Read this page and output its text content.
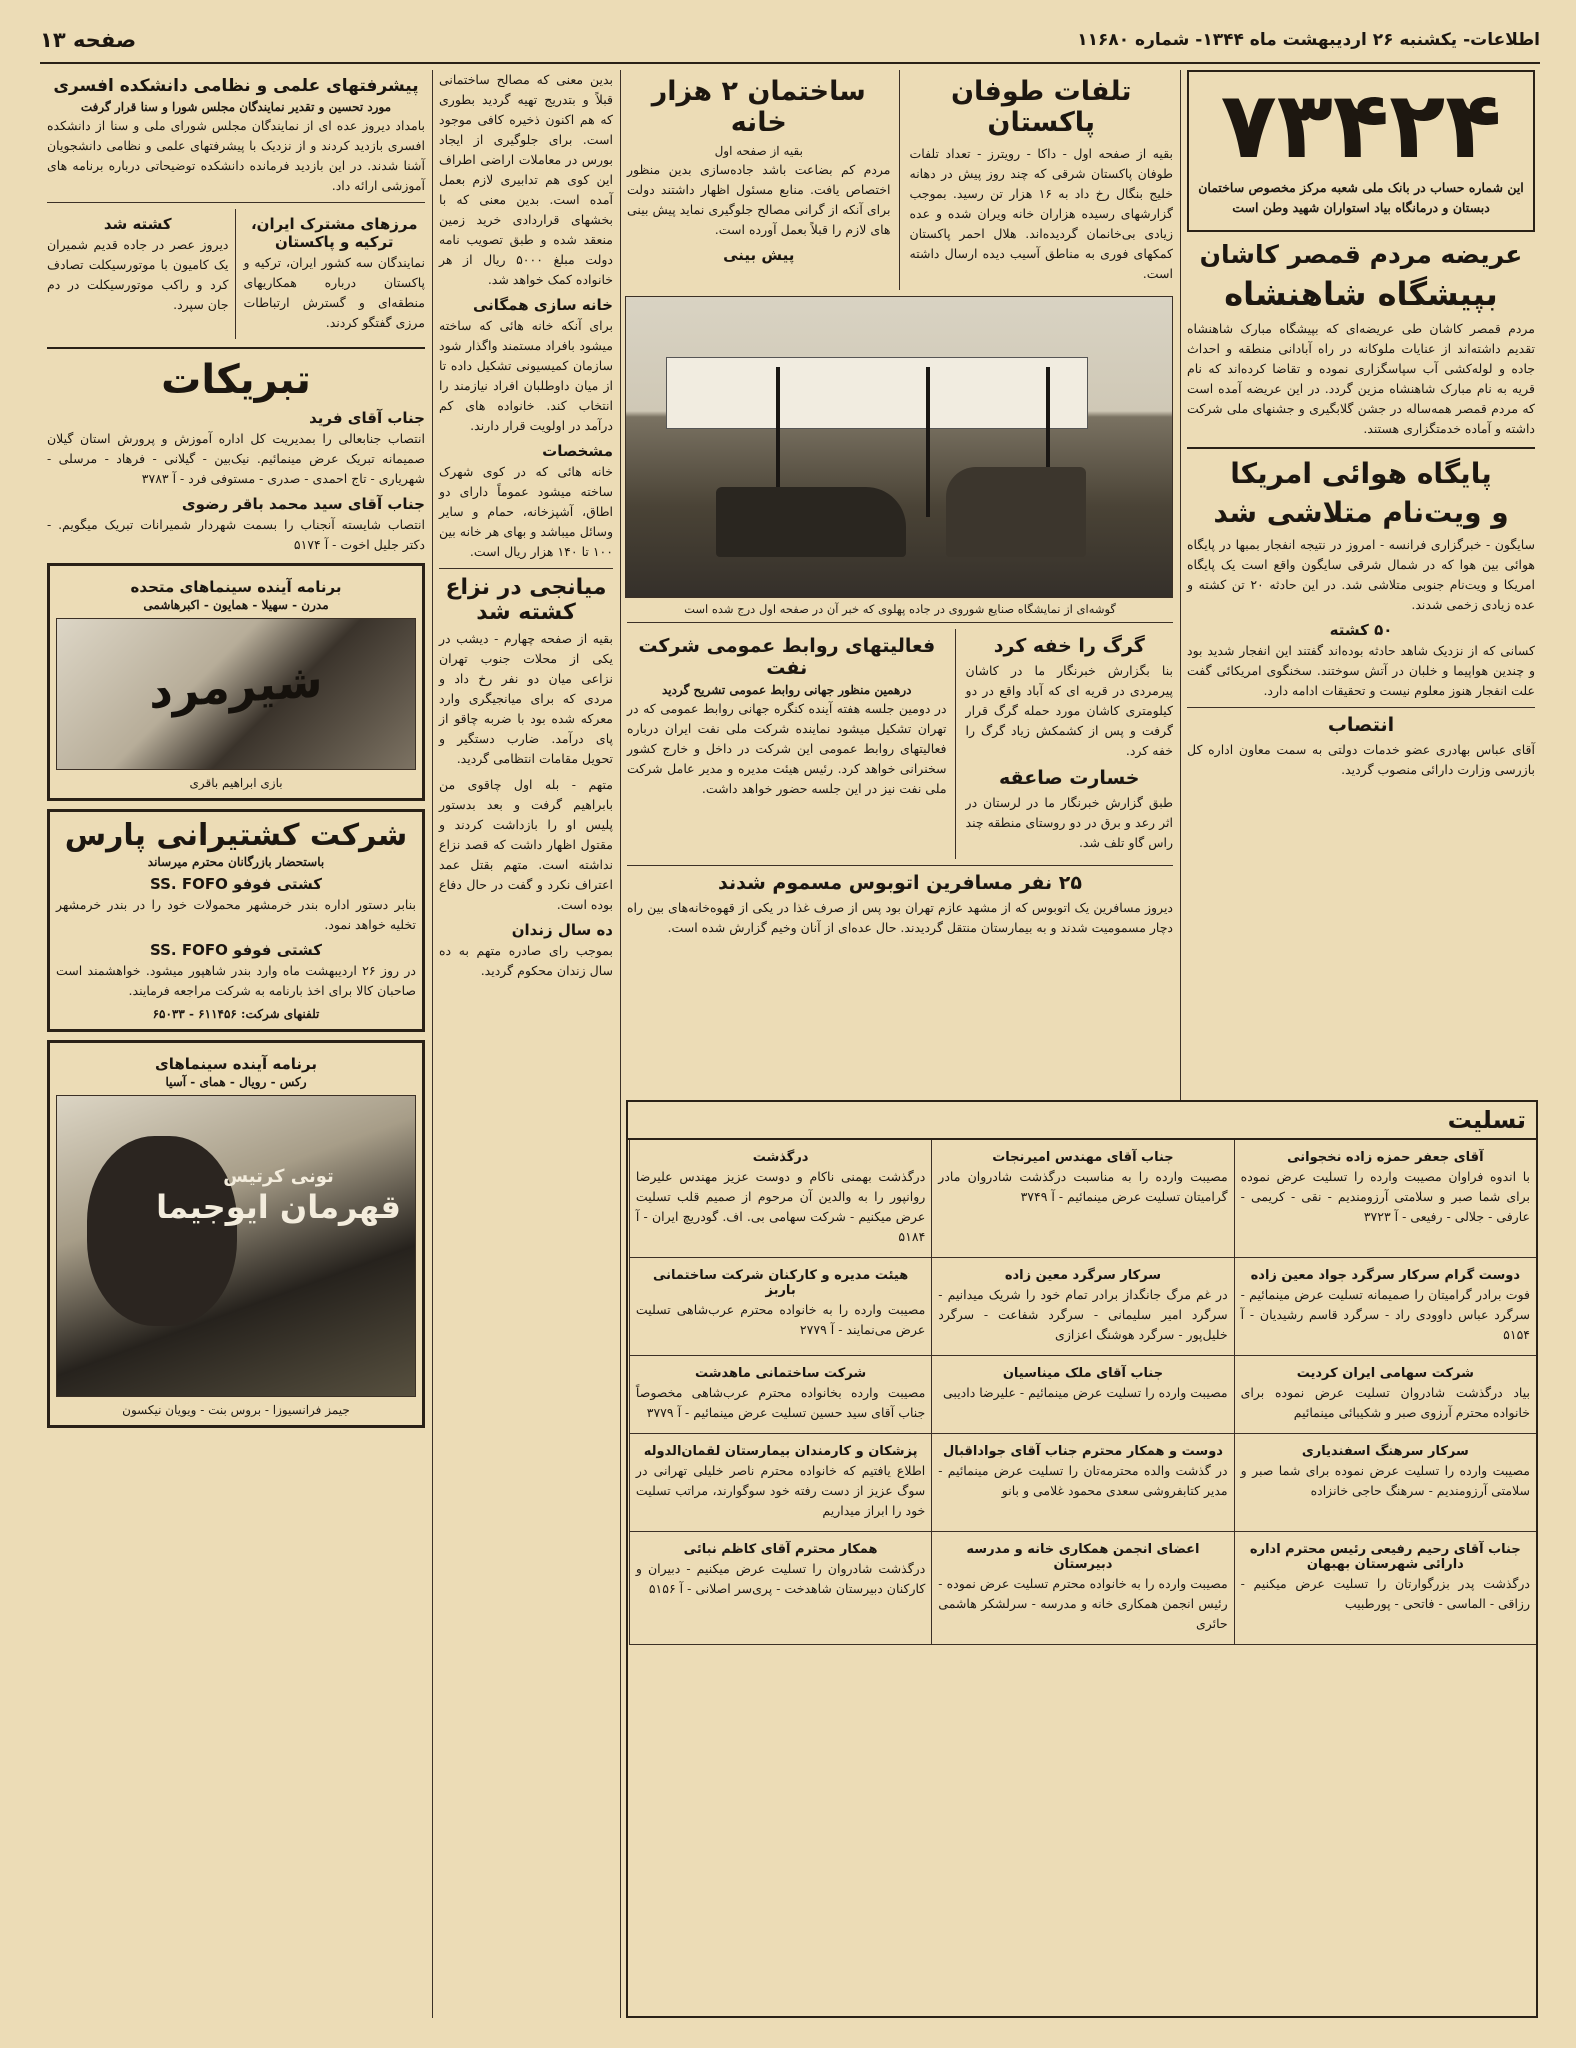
اطلاعات- یکشنبه ۲۶ اردیبهشت ماه ۱۳۴۴- شماره ۱۱۶۸۰
صفحه ۱۳
۷۳۴۲۴
این شماره حساب در بانک ملی شعبه مرکز مخصوص ساختمان دبستان و درمانگاه بیاد استواران شهید وطن است
عریضه مردم قمصر کاشان
بپیشگاه شاهنشاه

مردم قمصر کاشان طی عریضه‌ای که بپیشگاه مبارک شاهنشاه تقدیم داشته‌اند از عنایات ملوکانه در راه آبادانی منطقه و احداث جاده و لوله‌کشی آب سپاسگزاری نموده و تقاضا کرده‌اند که نام قریه به نام مبارک شاهنشاه مزین گردد. در این عریضه آمده است که مردم قمصر همه‌ساله در جشن گلابگیری و جشنهای ملی شرکت داشته و آماده خدمتگزاری هستند.

پایگاه هوائی امریکا
و ویت‌نام متلاشی شد

سایگون - خبرگزاری فرانسه - امروز در نتیجه انفجار بمبها در پایگاه هوائی بین هوا که در شمال شرقی سایگون واقع است یک پایگاه امریکا و ویت‌نام جنوبی متلاشی شد. در این حادثه ۲۰ تن کشته و عده زیادی زخمی شدند.

۵۰ کشته

کسانی که از نزدیک شاهد حادثه بوده‌اند گفتند این انفجار شدید بود و چندین هواپیما و خلبان در آتش سوختند. سخنگوی امریکائی گفت علت انفجار هنوز معلوم نیست و تحقیقات ادامه دارد.

انتصاب

آقای عباس بهادری عضو خدمات دولتی به سمت معاون اداره کل بازرسی وزارت دارائی منصوب گردید.

تلفات طوفان پاکستان

بقیه از صفحه اول - داکا - رویترز - تعداد تلفات طوفان پاکستان شرقی که چند روز پیش در دهانه خلیج بنگال رخ داد به ۱۶ هزار تن رسید. بموجب گزارشهای رسیده هزاران خانه ویران شده و عده زیادی بی‌خانمان گردیده‌اند. هلال احمر پاکستان کمکهای فوری به مناطق آسیب دیده ارسال داشته است.

ساختمان ۲ هزار خانه
بقیه از صفحه اول

مردم کم بضاعت باشد جاده‌سازی بدین منظور اختصاص یافت. منابع مسئول اظهار داشتند دولت برای آنکه از گرانی مصالح جلوگیری نماید پیش بینی های لازم را قبلاً بعمل آورده است.

پیش بینی
گوشه‌ای از نمایشگاه صنایع شوروی در جاده پهلوی که خبر آن در صفحه اول درج شده است
گرگ را خفه کرد

بنا بگزارش خبرنگار ما در کاشان پیرمردی در قریه ای که آباد واقع در دو کیلومتری کاشان مورد حمله گرگ قرار گرفت و پس از کشمکش زیاد گرگ را خفه کرد.

خسارت صاعقه

طبق گزارش خبرنگار ما در لرستان در اثر رعد و برق در دو روستای منطقه چند راس گاو تلف شد.

فعالیتهای روابط عمومی شرکت نفت
درهمین منظور جهانی روابط عمومی تشریح گردید

در دومین جلسه هفته آینده کنگره جهانی روابط عمومی که در تهران تشکیل میشود نماینده شرکت ملی نفت ایران درباره فعالیتهای روابط عمومی این شرکت در داخل و خارج کشور سخنرانی خواهد کرد. رئیس هیئت مدیره و مدیر عامل شرکت ملی نفت نیز در این جلسه حضور خواهد داشت.

۲۵ نفر مسافرین اتوبوس مسموم شدند

دیروز مسافرین یک اتوبوس که از مشهد عازم تهران بود پس از صرف غذا در یکی از قهوه‌خانه‌های بین راه دچار مسمومیت شدند و به بیمارستان منتقل گردیدند. حال عده‌ای از آنان وخیم گزارش شده است.

بدین معنی که مصالح ساختمانی قبلاً و بتدریج تهیه گردید بطوری که هم اکنون ذخیره کافی موجود است. برای جلوگیری از ایجاد بورس در معاملات اراضی اطراف این کوی هم تدابیری لازم بعمل آمده است. بدین معنی که با بخشهای قراردادی خرید زمین منعقد شده و طبق تصویب نامه دولت مبلغ ۵۰۰۰ ریال از هر خانواده کمک خواهد شد.

خانه سازی همگانی

برای آنکه خانه هائی که ساخته میشود بافراد مستمند واگذار شود سازمان کمیسیونی تشکیل داده تا از میان داوطلبان افراد نیازمند را انتخاب کند. خانواده های کم درآمد در اولویت قرار دارند.

مشخصات

خانه هائی که در کوی شهرک ساخته میشود عموماً دارای دو اطاق، آشپزخانه، حمام و سایر وسائل میباشد و بهای هر خانه بین ۱۰۰ تا ۱۴۰ هزار ریال است.

میانجی در نزاع کشته شد

بقیه از صفحه چهارم - دیشب در یکی از محلات جنوب تهران نزاعی میان دو نفر رخ داد و مردی که برای میانجیگری وارد معرکه شده بود با ضربه چاقو از پای درآمد. ضارب دستگیر و تحویل مقامات انتظامی گردید.

متهم - بله اول چاقوی من بابراهیم گرفت و بعد بدستور پلیس او را بازداشت کردند و مقتول اظهار داشت که قصد نزاع نداشته است. متهم بقتل عمد اعتراف نکرد و گفت در حال دفاع بوده است.

ده سال زندان

بموجب رای صادره متهم به ده سال زندان محکوم گردید.

پیشرفتهای علمی و نظامی دانشکده افسری
مورد تحسین و تقدیر نمایندگان مجلس شورا و سنا قرار گرفت

بامداد دیروز عده ای از نمایندگان مجلس شورای ملی و سنا از دانشکده افسری بازدید کردند و از نزدیک با پیشرفتهای علمی و نظامی دانشجویان آشنا شدند. در این بازدید فرمانده دانشکده توضیحاتی درباره برنامه های آموزشی ارائه داد.

مرزهای مشترک ایران، ترکیه و پاکستان

نمایندگان سه کشور ایران، ترکیه و پاکستان درباره همکاریهای منطقه‌ای و گسترش ارتباطات مرزی گفتگو کردند.

کشته شد

دیروز عصر در جاده قدیم شمیران یک کامیون با موتورسیکلت تصادف کرد و راکب موتورسیکلت در دم جان سپرد.

تبریکات
جناب آقای فرید

انتصاب جنابعالی را بمدیریت کل اداره آموزش و پرورش استان گیلان صمیمانه تبریک عرض مینمائیم. نیک‌بین - گیلانی - فرهاد - مرسلی - شهریاری - تاج احمدی - صدری - مستوفی فرد - آ ۳۷۸۳

جناب آقای سید محمد باقر رضوی

انتصاب شایسته آنجناب را بسمت شهردار شمیرانات تبریک میگویم. - دکتر جلیل اخوت - آ ۵۱۷۴

برنامه آینده سینماهای متحده
مدرن - سهیلا - همایون - اکبرهاشمی
شیرمرد
بازی ابراهیم باقری
شرکت کشتیرانی پارس
باستحضار بازرگانان محترم میرساند
کشتی فوفو SS. FOFO

بنابر دستور اداره بندر خرمشهر محمولات خود را در بندر خرمشهر تخلیه خواهد نمود.

کشتی فوفو SS. FOFO

در روز ۲۶ اردیبهشت ماه وارد بندر شاهپور میشود. خواهشمند است صاحبان کالا برای اخذ بارنامه به شرکت مراجعه فرمایند.

تلفنهای شرکت: ۶۱۱۴۵۶ - ۶۵۰۳۳
برنامه آینده سینماهای
رکس - رویال - همای - آسیا
تونی کرتیس
قهرمان ایوجیما
جیمز فرانسیوزا - بروس بنت - ویویان نیکسون
تسلیت
آقای جعفر حمزه زاده نخجوانی

با اندوه فراوان مصیبت وارده را تسلیت عرض نموده برای شما صبر و سلامتی آرزومندیم - نقی - کریمی - عارفی - جلالی - رفیعی - آ ۳۷۲۳

جناب آقای مهندس امیرنجات

مصیبت وارده را به مناسبت درگذشت شادروان مادر گرامیتان تسلیت عرض مینمائیم - آ ۳۷۴۹

درگذشت

درگذشت بهمنی ناکام و دوست عزیز مهندس علیرضا روانپور را به والدین آن مرحوم از صمیم قلب تسلیت عرض میکنیم - شرکت سهامی بی. اف. گودریچ ایران - آ ۵۱۸۴

دوست گرام سرکار سرگرد جواد معین زاده

فوت برادر گرامیتان را صمیمانه تسلیت عرض مینمائیم - سرگرد عباس داوودی راد - سرگرد قاسم رشیدیان - آ ۵۱۵۴

سرکار سرگرد معین زاده

در غم مرگ جانگداز برادر تمام خود را شریک میدانیم - سرگرد امیر سلیمانی - سرگرد شفاعت - سرگرد خلیل‌پور - سرگرد هوشنگ اعزازی

هیئت مدیره و کارکنان شرکت ساختمانی باربز

مصیبت وارده را به خانواده محترم عرب‌شاهی تسلیت عرض می‌نمایند - آ ۲۷۷۹

شرکت سهامی ایران کردیت

بیاد درگذشت شادروان تسلیت عرض نموده برای خانواده محترم آرزوی صبر و شکیبائی مینمائیم

جناب آقای ملک میناسیان

مصیبت وارده را تسلیت عرض مینمائیم - علیرضا دادیبی

شرکت ساختمانی ماهدشت

مصیبت وارده بخانواده محترم عرب‌شاهی مخصوصاً جناب آقای سید حسین تسلیت عرض مینمائیم - آ ۳۷۷۹

سرکار سرهنگ اسفندیاری

مصیبت وارده را تسلیت عرض نموده برای شما صبر و سلامتی آرزومندیم - سرهنگ حاجی خانزاده

دوست و همکار محترم جناب آقای جواداقبال

در گذشت والده محترمه‌تان را تسلیت عرض مینمائیم - مدیر کتابفروشی سعدی محمود غلامی و بانو

پزشکان و کارمندان بیمارستان لقمان‌الدوله

اطلاع یافتیم که خانواده محترم ناصر خلیلی تهرانی در سوگ عزیز از دست رفته خود سوگوارند، مراتب تسلیت خود را ابراز میداریم

جناب آقای رحیم رفیعی رئیس محترم اداره دارائی شهرستان بهبهان

درگذشت پدر بزرگوارتان را تسلیت عرض میکنیم - رزاقی - الماسی - فاتحی - پورطبیب

اعضای انجمن همکاری خانه و مدرسه دبیرستان

مصیبت وارده را به خانواده محترم تسلیت عرض نموده - رئیس انجمن همکاری خانه و مدرسه - سرلشکر هاشمی حائری

همکار محترم آقای کاظم نبائی

درگذشت شادروان را تسلیت عرض میکنیم - دبیران و کارکنان دبیرستان شاهدخت - پری‌سر اصلانی - آ ۵۱۵۶
